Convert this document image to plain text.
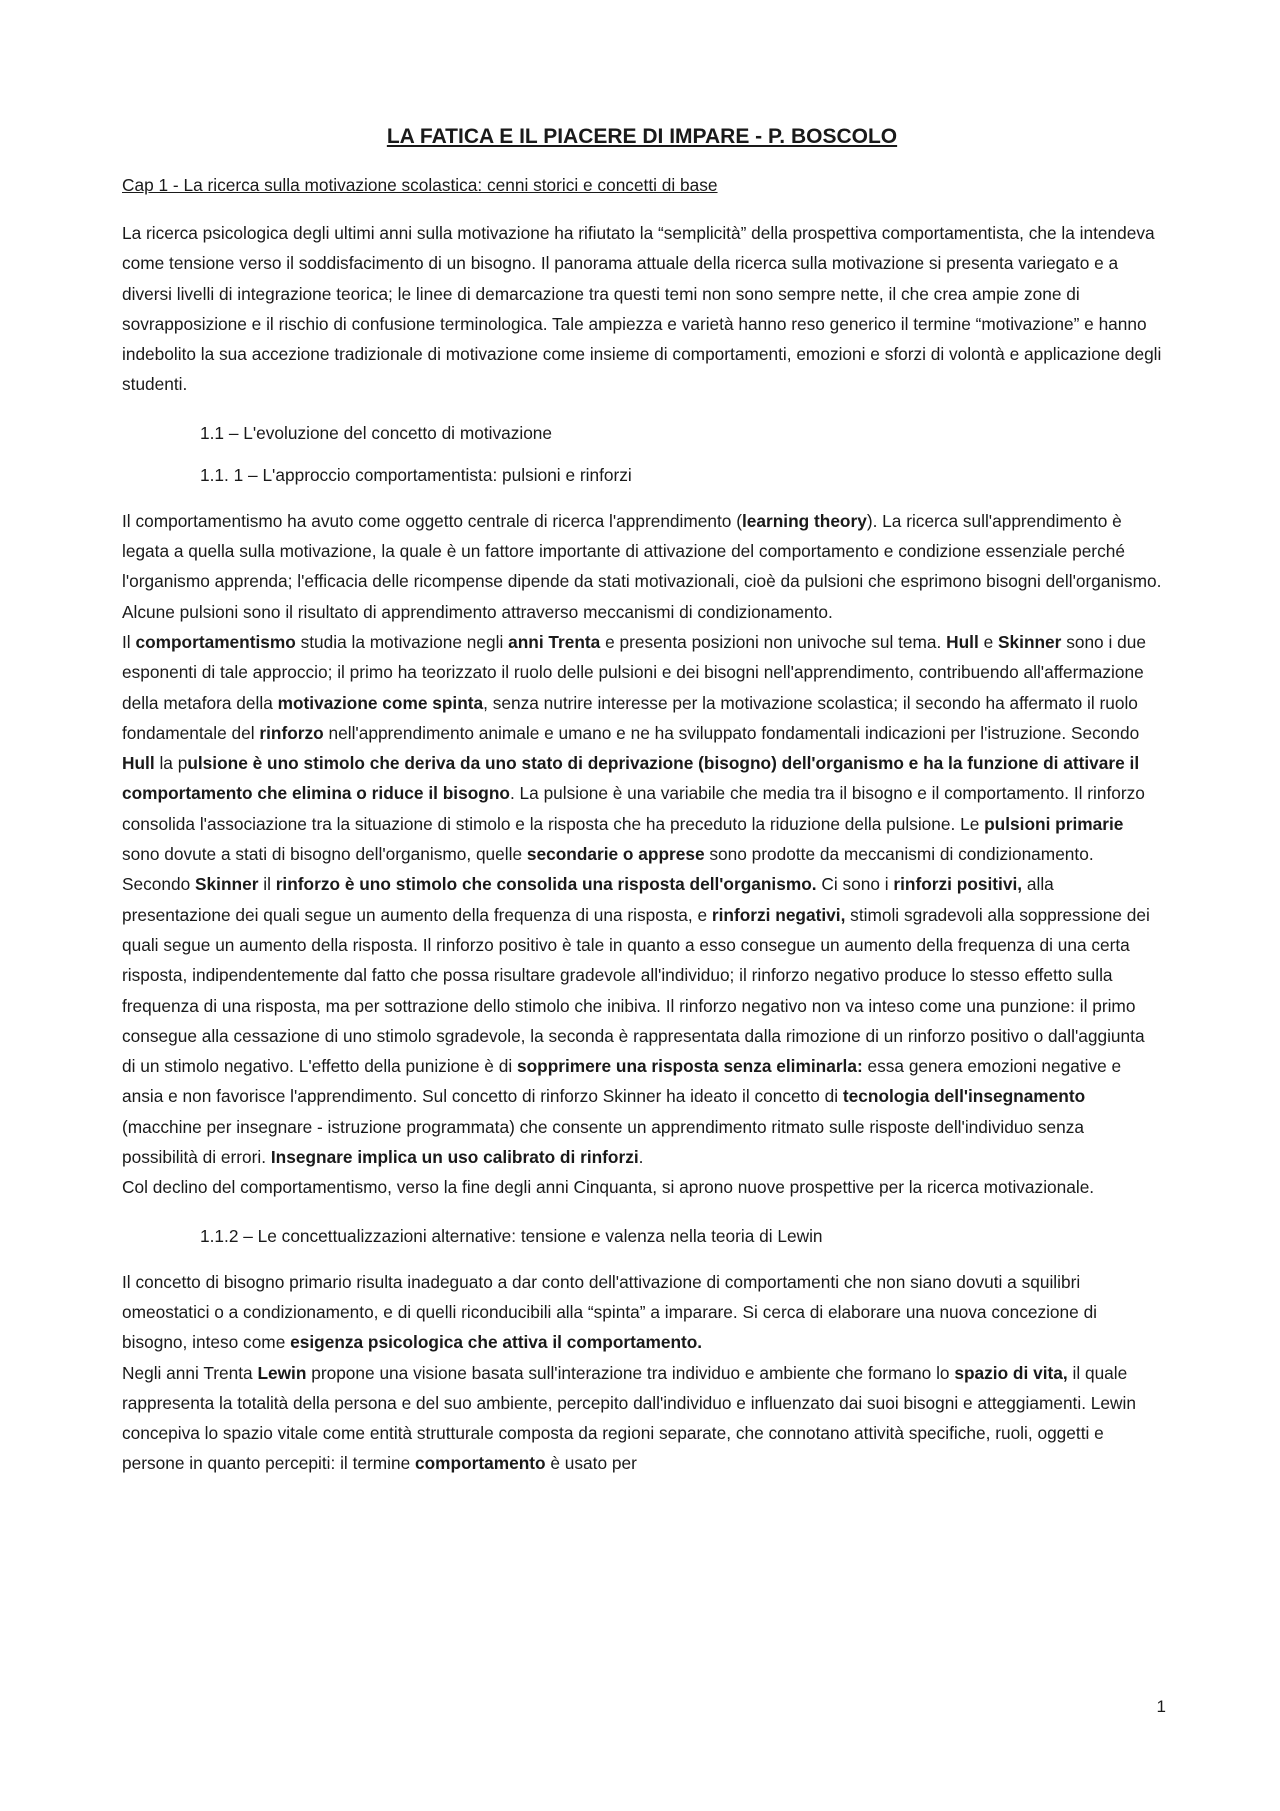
LA FATICA E IL PIACERE DI IMPARE - P. BOSCOLO
Cap 1 - La ricerca sulla motivazione scolastica: cenni storici e concetti di base

La ricerca psicologica degli ultimi anni sulla motivazione ha rifiutato la “semplicità” della prospettiva comportamentista, che la intendeva come tensione verso il soddisfacimento di un bisogno. Il panorama attuale della ricerca sulla motivazione si presenta variegato e a diversi livelli di integrazione teorica; le linee di demarcazione tra questi temi non sono sempre nette, il che crea ampie zone di sovrapposizione e il rischio di confusione terminologica. Tale ampiezza e varietà hanno reso generico il termine “motivazione” e hanno indebolito la sua accezione tradizionale di motivazione come insieme di comportamenti, emozioni e sforzi di volontà e applicazione degli studenti.

1.1 – L'evoluzione del concetto di motivazione
1.1. 1 – L'approccio comportamentista: pulsioni e rinforzi

Il comportamentismo ha avuto come oggetto centrale di ricerca l'apprendimento (learning theory). La ricerca sull'apprendimento è legata a quella sulla motivazione, la quale è un fattore importante di attivazione del comportamento e condizione essenziale perché l'organismo apprenda; l'efficacia delle ricompense dipende da stati motivazionali, cioè da pulsioni che esprimono bisogni dell'organismo. Alcune pulsioni sono il risultato di apprendimento attraverso meccanismi di condizionamento.

Il comportamentismo studia la motivazione negli anni Trenta e presenta posizioni non univoche sul tema. Hull e Skinner sono i due esponenti di tale approccio; il primo ha teorizzato il ruolo delle pulsioni e dei bisogni nell'apprendimento, contribuendo all'affermazione della metafora della motivazione come spinta, senza nutrire interesse per la motivazione scolastica; il secondo ha affermato il ruolo fondamentale del rinforzo nell'apprendimento animale e umano e ne ha sviluppato fondamentali indicazioni per l'istruzione. Secondo Hull la pulsione è uno stimolo che deriva da uno stato di deprivazione (bisogno) dell'organismo e ha la funzione di attivare il comportamento che elimina o riduce il bisogno. La pulsione è una variabile che media tra il bisogno e il comportamento. Il rinforzo consolida l'associazione tra la situazione di stimolo e la risposta che ha preceduto la riduzione della pulsione. Le pulsioni primarie sono dovute a stati di bisogno dell'organismo, quelle secondarie o apprese sono prodotte da meccanismi di condizionamento.

Secondo Skinner il rinforzo è uno stimolo che consolida una risposta dell'organismo. Ci sono i rinforzi positivi, alla presentazione dei quali segue un aumento della frequenza di una risposta, e rinforzi negativi, stimoli sgradevoli alla soppressione dei quali segue un aumento della risposta. Il rinforzo positivo è tale in quanto a esso consegue un aumento della frequenza di una certa risposta, indipendentemente dal fatto che possa risultare gradevole all'individuo; il rinforzo negativo produce lo stesso effetto sulla frequenza di una risposta, ma per sottrazione dello stimolo che inibiva. Il rinforzo negativo non va inteso come una punzione: il primo consegue alla cessazione di uno stimolo sgradevole, la seconda è rappresentata dalla rimozione di un rinforzo positivo o dall'aggiunta di un stimolo negativo. L'effetto della punizione è di sopprimere una risposta senza eliminarla: essa genera emozioni negative e ansia e non favorisce l'apprendimento. Sul concetto di rinforzo Skinner ha ideato il concetto di tecnologia dell'insegnamento (macchine per insegnare - istruzione programmata) che consente un apprendimento ritmato sulle risposte dell'individuo senza possibilità di errori. Insegnare implica un uso calibrato di rinforzi.

Col declino del comportamentismo, verso la fine degli anni Cinquanta, si aprono nuove prospettive per la ricerca motivazionale.

1.1.2 – Le concettualizzazioni alternative: tensione e valenza nella teoria di Lewin

Il concetto di bisogno primario risulta inadeguato a dar conto dell'attivazione di comportamenti che non siano dovuti a squilibri omeostatici o a condizionamento, e di quelli riconducibili alla “spinta” a imparare. Si cerca di elaborare una nuova concezione di bisogno, inteso come esigenza psicologica che attiva il comportamento.

Negli anni Trenta Lewin propone una visione basata sull'interazione tra individuo e ambiente che formano lo spazio di vita, il quale rappresenta la totalità della persona e del suo ambiente, percepito dall'individuo e influenzato dai suoi bisogni e atteggiamenti. Lewin concepiva lo spazio vitale come entità strutturale composta da regioni separate, che connotano attività specifiche, ruoli, oggetti e persone in quanto percepiti: il termine comportamento è usato per

1
